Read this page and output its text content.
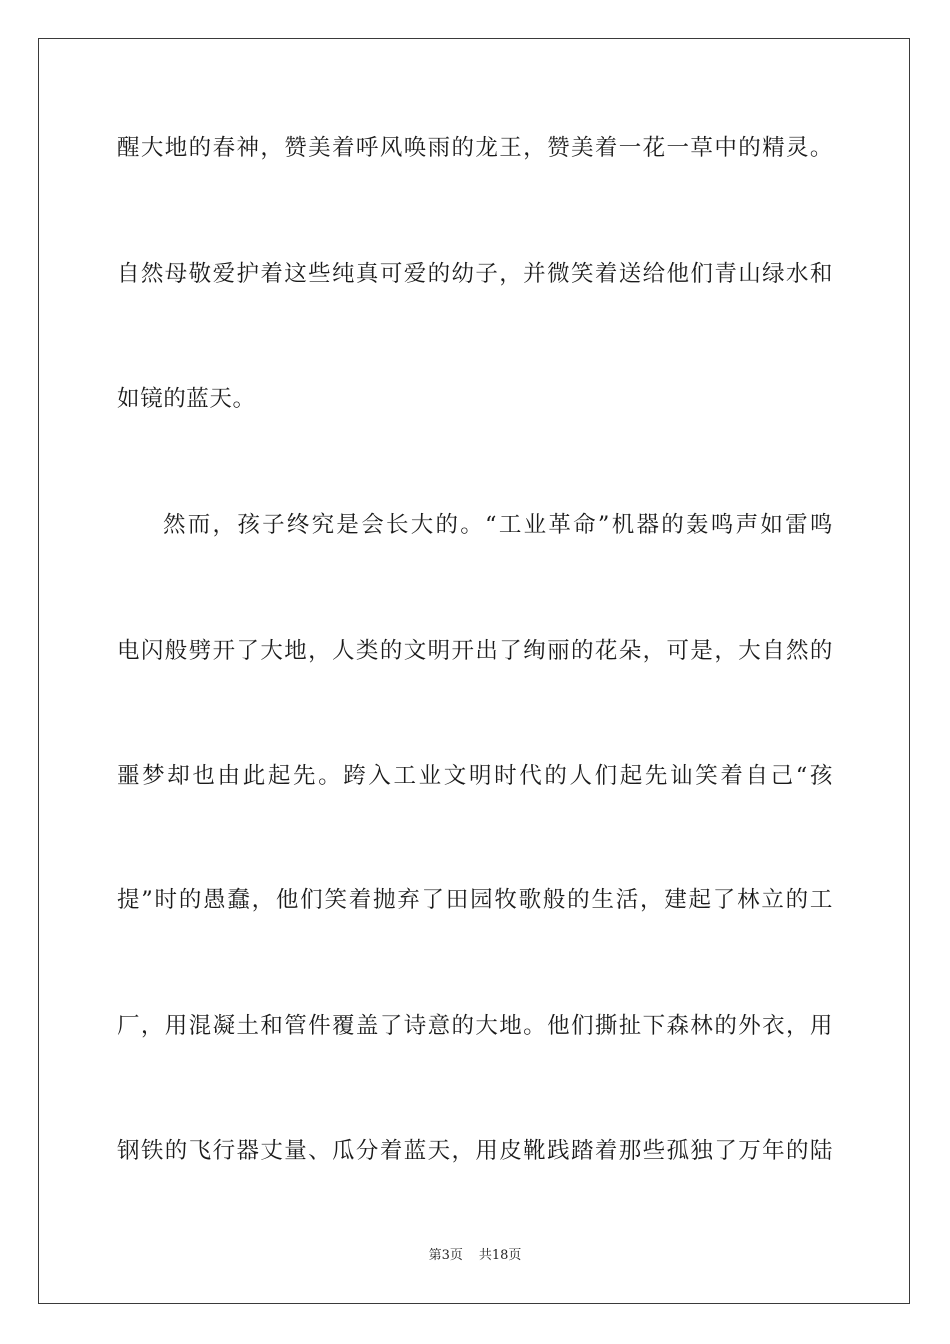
醒大地的春神，赞美着呼风唤雨的龙王，赞美着一花一草中的精灵。
自然母敬爱护着这些纯真可爱的幼子，并微笑着送给他们青山绿水和
如镜的蓝天。
然而，孩子终究是会长大的。“工业革命”机器的轰鸣声如雷鸣
电闪般劈开了大地，人类的文明开出了绚丽的花朵，可是，大自然的
噩梦却也由此起先。跨入工业文明时代的人们起先讪笑着自己“孩
提”时的愚蠢，他们笑着抛弃了田园牧歌般的生活，建起了林立的工
厂，用混凝土和管件覆盖了诗意的大地。他们撕扯下森林的外衣，用
钢铁的飞行器丈量、瓜分着蓝天，用皮靴践踏着那些孤独了万年的陆
第3页 共18页
